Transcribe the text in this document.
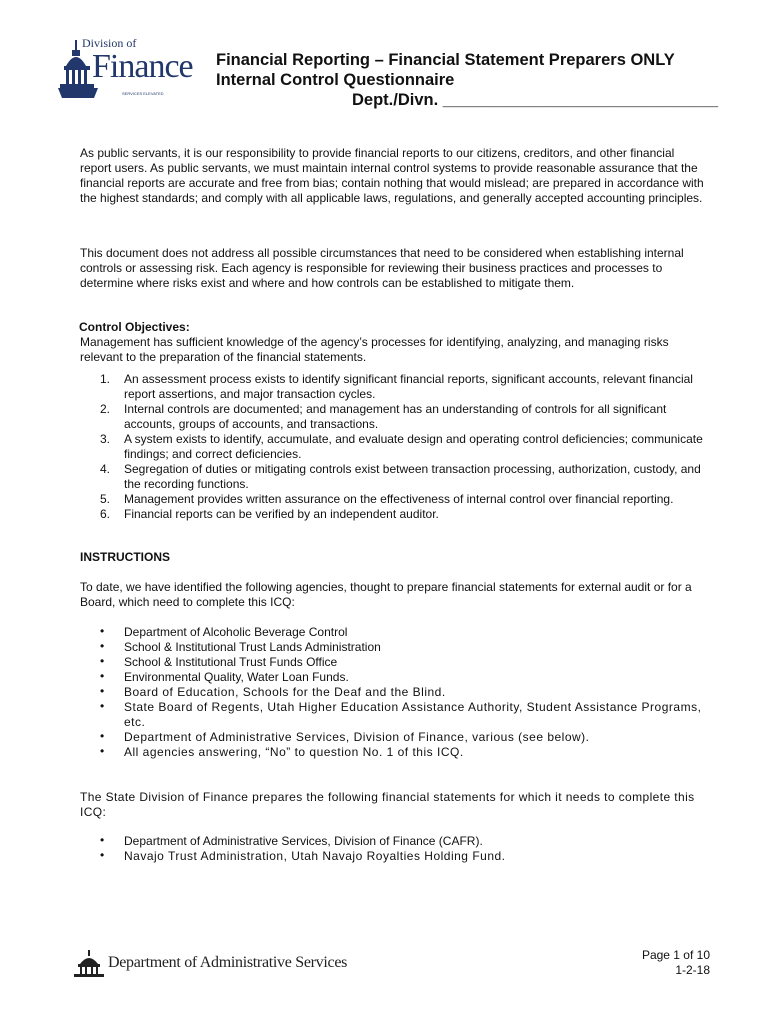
Division of
Finance
SERVICES ELEVATED
Financial Reporting – Financial Statement Preparers ONLY
Internal Control Questionnaire
Dept./Divn. ______________________________
As public servants, it is our responsibility to provide financial reports to our citizens, creditors, and other financial report users. As public servants, we must maintain internal control systems to provide reasonable assurance that the financial reports are accurate and free from bias; contain nothing that would mislead; are prepared in accordance with the highest standards; and comply with all applicable laws, regulations, and generally accepted accounting principles.
This document does not address all possible circumstances that need to be considered when establishing internal controls or assessing risk. Each agency is responsible for reviewing their business practices and processes to determine where risks exist and where and how controls can be established to mitigate them.
Control Objectives:
Management has sufficient knowledge of the agency’s processes for identifying, analyzing, and managing risks relevant to the preparation of the financial statements.
1. An assessment process exists to identify significant financial reports, significant accounts, relevant financial report assertions, and major transaction cycles.
2. Internal controls are documented; and management has an understanding of controls for all significant accounts, groups of accounts, and transactions.
3. A system exists to identify, accumulate, and evaluate design and operating control deficiencies; communicate findings; and correct deficiencies.
4. Segregation of duties or mitigating controls exist between transaction processing, authorization, custody, and the recording functions.
5. Management provides written assurance on the effectiveness of internal control over financial reporting.
6. Financial reports can be verified by an independent auditor.
INSTRUCTIONS
To date, we have identified the following agencies, thought to prepare financial statements for external audit or for a Board, which need to complete this ICQ:
• Department of Alcoholic Beverage Control
• School & Institutional Trust Lands Administration
• School & Institutional Trust Funds Office
• Environmental Quality, Water Loan Funds.
• Board of Education, Schools for the Deaf and the Blind.
• State Board of Regents, Utah Higher Education Assistance Authority, Student Assistance Programs, etc.
• Department of Administrative Services, Division of Finance, various (see below).
• All agencies answering, “No” to question No. 1 of this ICQ.
The State Division of Finance prepares the following financial statements for which it needs to complete this ICQ:
• Department of Administrative Services, Division of Finance (CAFR).
• Navajo Trust Administration, Utah Navajo Royalties Holding Fund.
Department of Administrative Services	Page 1 of 10
1-2-18
